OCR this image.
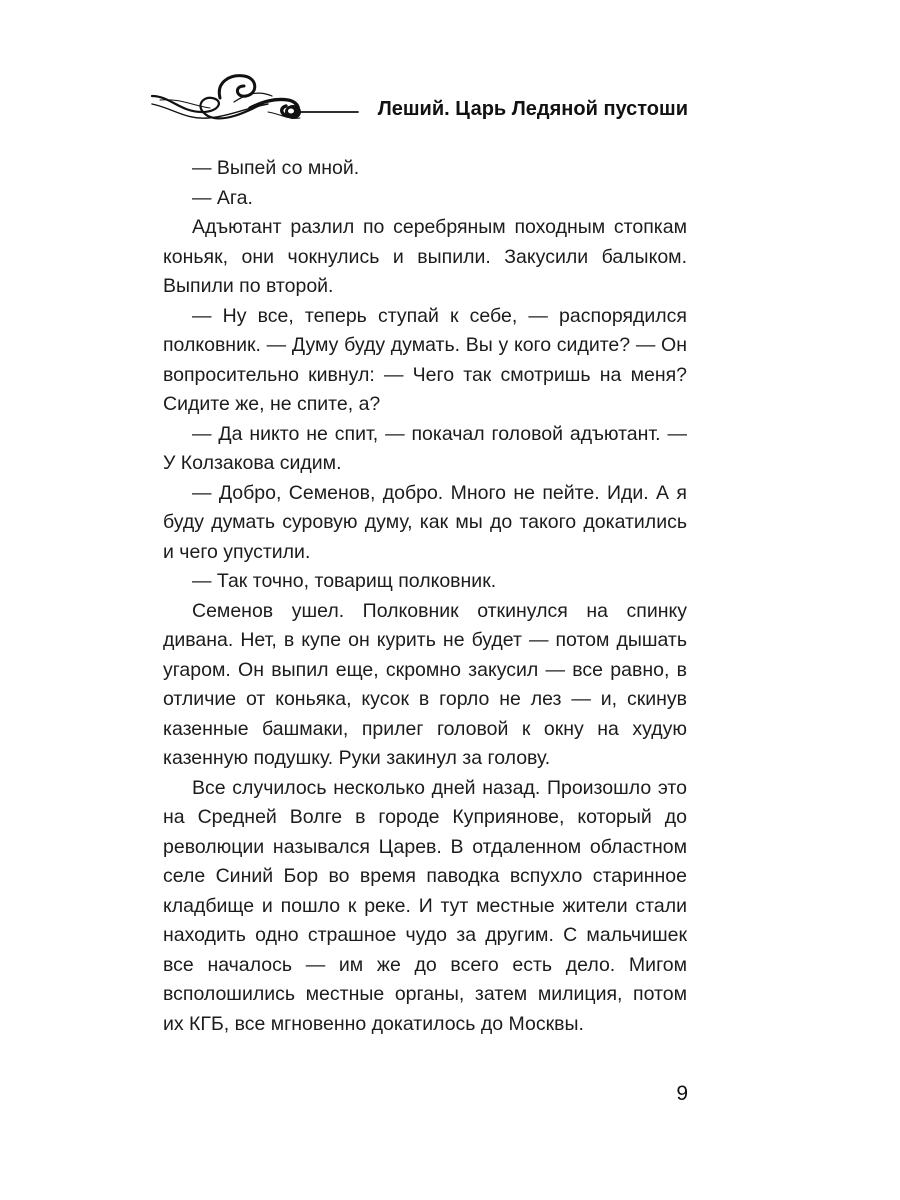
Леший. Царь Ледяной пустоши

— Выпей со мной.

— Ага.

Адъютант разлил по серебряным походным стопкам коньяк, они чокнулись и выпили. Закусили балыком. Выпили по второй.

— Ну все, теперь ступай к себе, — распорядился полковник. — Думу буду думать. Вы у кого сидите? — Он вопросительно кивнул: — Чего так смотришь на меня? Сидите же, не спите, а?

— Да никто не спит, — покачал головой адъютант. — У Колзакова сидим.

— Добро, Семенов, добро. Много не пейте. Иди. А я буду думать суровую думу, как мы до такого докатились и чего упустили.

— Так точно, товарищ полковник.

Семенов ушел. Полковник откинулся на спинку дивана. Нет, в купе он курить не будет — потом дышать угаром. Он выпил еще, скромно закусил — все равно, в отличие от коньяка, кусок в горло не лез — и, скинув казенные башмаки, прилег головой к окну на худую казенную подушку. Руки закинул за голову.

Все случилось несколько дней назад. Произошло это на Средней Волге в городе Куприянове, который до революции назывался Царев. В отдаленном областном селе Синий Бор во время паводка вспухло старинное кладбище и пошло к реке. И тут местные жители стали находить одно страшное чудо за другим. С мальчишек все началось — им же до всего есть дело. Мигом всполошились местные органы, затем милиция, потом их КГБ, все мгновенно докатилось до Москвы.

9
